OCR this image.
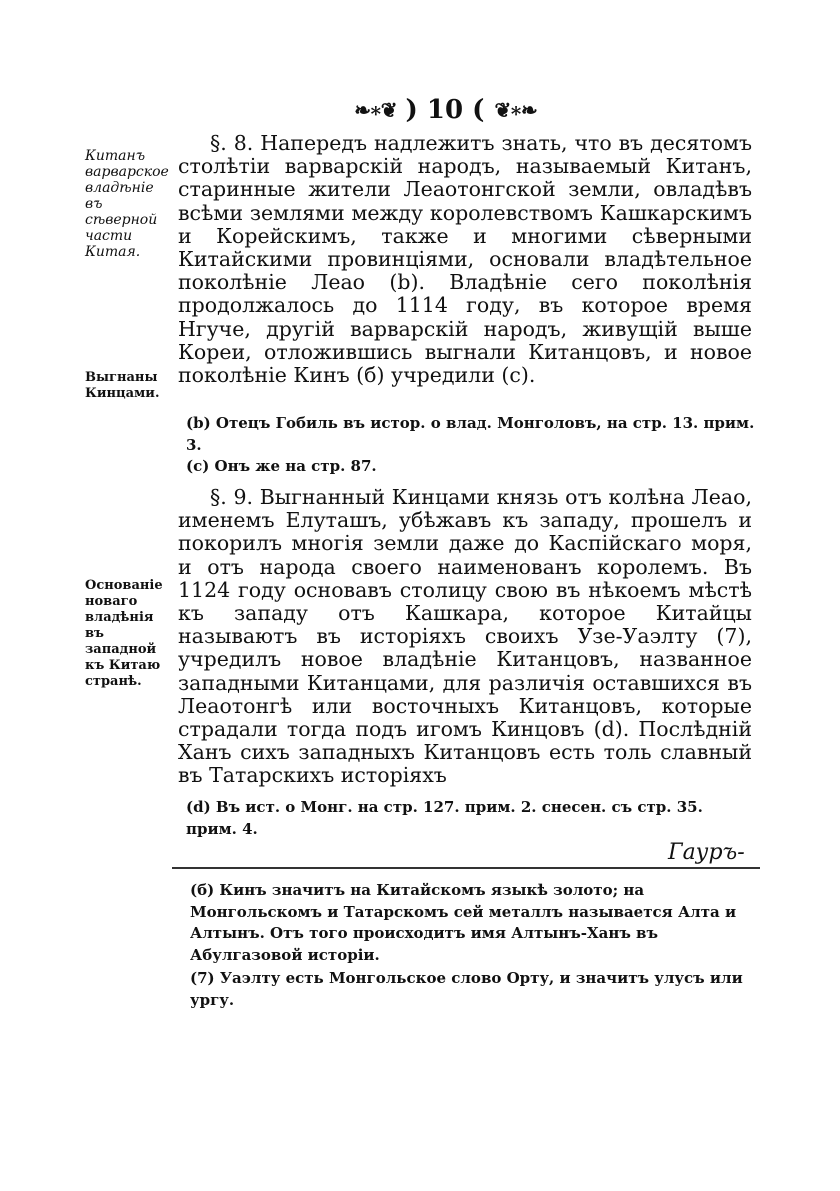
❧∗❦ ) 10 ( ❦∗❧
Китанъ варварское владѣнiе въ сѣверной части Китая.
Выгнаны Кинцами.
Основанiе новаго владѣнiя въ западной къ Китаю странѣ.

§. 8. Напередъ надлежитъ знать, что въ десятомъ столѣтiи варварскiй народъ, называемый Китанъ, старинные жители Леаотонгской земли, овладѣвъ всѣми землями между королевствомъ Кашкарскимъ и Корейскимъ, также и многими сѣверными Китайскими провинцiями, основали владѣтельное поколѣнiе Леао (b). Владѣнiе сего поколѣнiя продолжалось до 1114 году, въ которое время Нгуче, другiй варварскiй народъ, живущiй выше Кореи, отложившись выгнали Китанцовъ, и новое поколѣнiе Кинъ (б) учредили (c).

(b) Отецъ Гобиль въ истор. о влад. Монголовъ, на стр. 13. прим. 3.
(c) Онъ же на стр. 87.

§. 9. Выгнанный Кинцами князь отъ колѣна Леао, именемъ Елуташъ, убѣжавъ къ западу, прошелъ и покорилъ многiя земли даже до Каспiйскаго моря, и отъ народа своего наименованъ королемъ. Въ 1124 году основавъ столицу свою въ нѣкоемъ мѣстѣ къ западу отъ Кашкара, которое Китайцы называютъ въ исторiяхъ своихъ Узе-Уаэлту (7), учредилъ новое владѣнiе Китанцовъ, названное западными Китанцами, для различiя оставшихся въ Леаотонгѣ или восточныхъ Китанцовъ, которые страдали тогда подъ игомъ Кинцовъ (d). Послѣднiй Ханъ сихъ западныхъ Китанцовъ есть толь славный въ Татарскихъ исторiяхъ

(d) Въ ист. о Монг. на стр. 127. прим. 2. снесен. съ стр. 35. прим. 4.
Гауръ-
(б) Кинъ значитъ на Китайскомъ языкѣ золото; на Монгольскомъ и Татарскомъ сей металлъ называется Алта и Алтынъ. Отъ того происходитъ имя Алтынъ-Ханъ въ Абулгазовой исторiи.
(7) Уаэлту есть Монгольское слово Орту, и значитъ улусъ или ургу.
